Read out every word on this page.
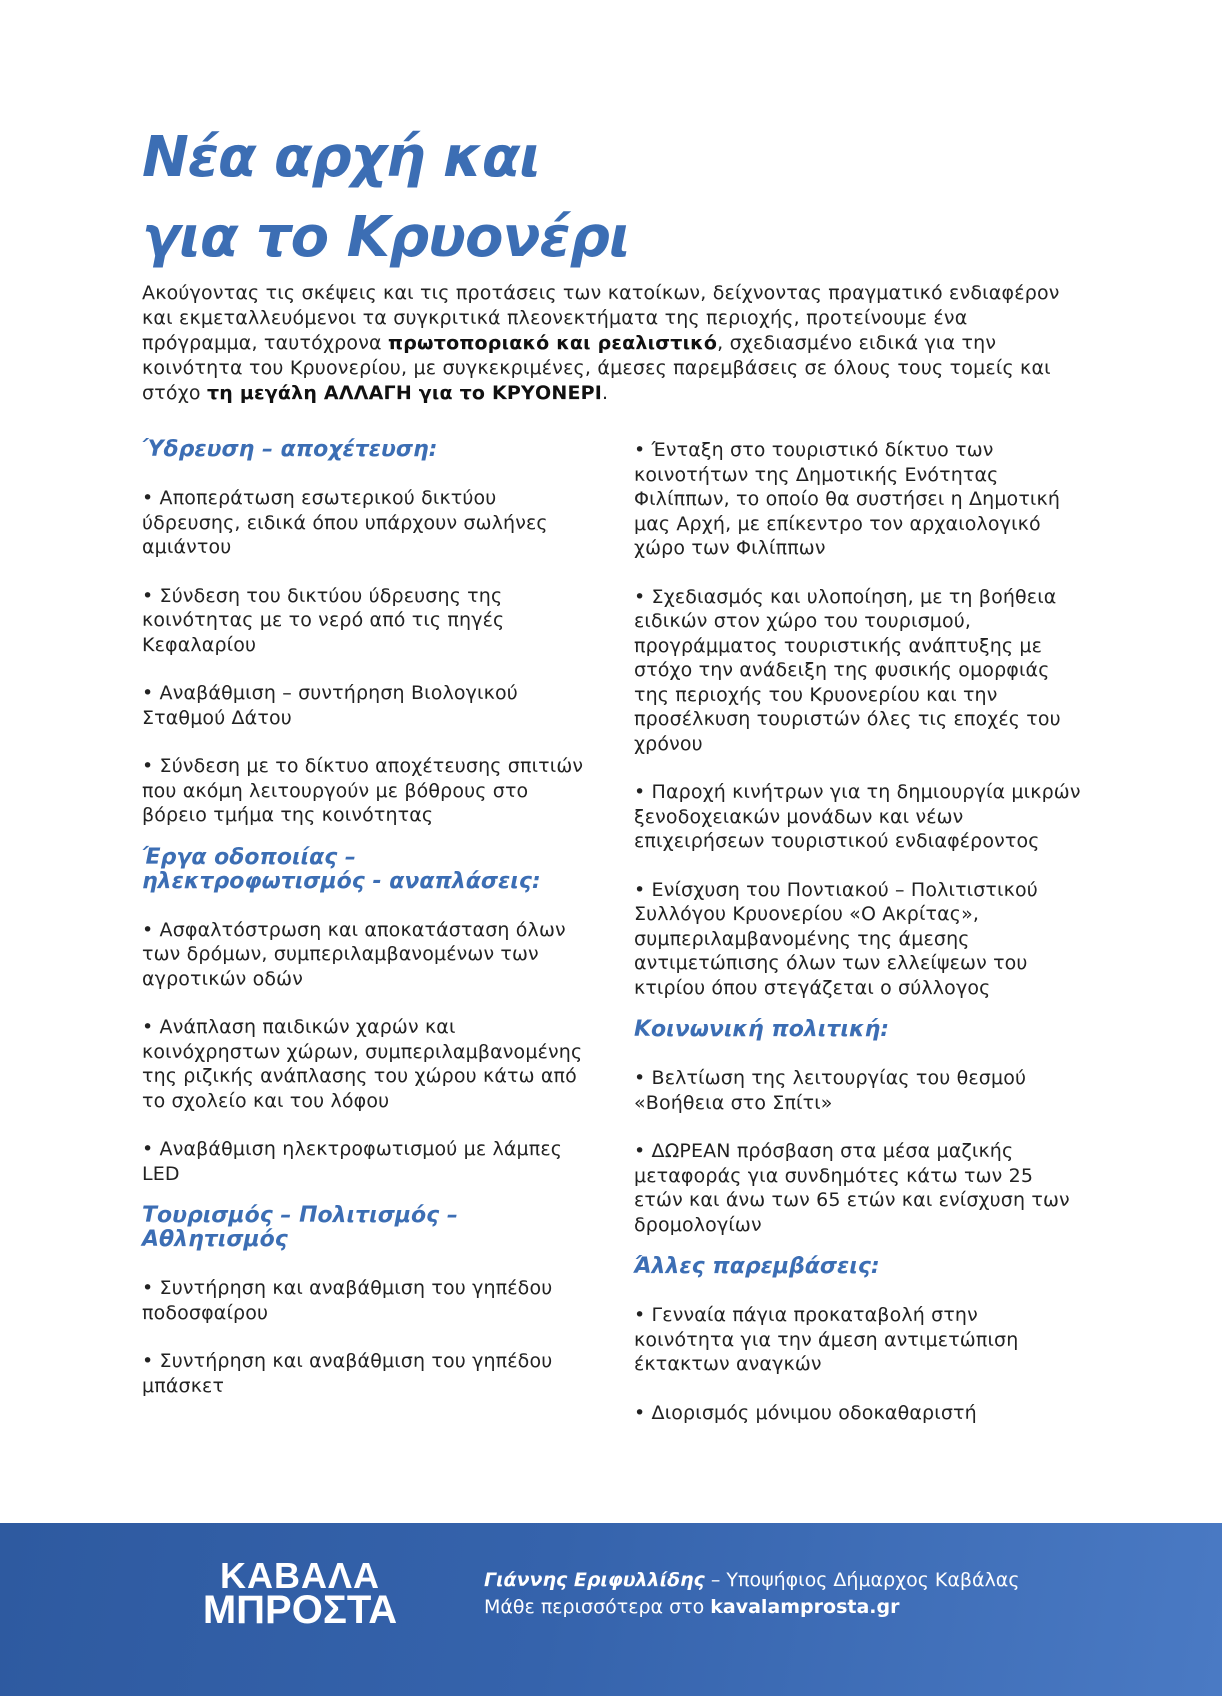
Νέα αρχή και
για το Κρυονέρι

Ακούγοντας τις σκέψεις και τις προτάσεις των κατοίκων, δείχνοντας πραγματικό ενδιαφέρον και εκμεταλλευόμενοι τα συγκριτικά πλεονεκτήματα της περιοχής, προτείνουμε ένα πρόγραμμα, ταυτόχρονα πρωτοποριακό και ρεαλιστικό, σχεδιασμένο ειδικά για την κοινότητα του Κρυονερίου, με συγκεκριμένες, άμεσες παρεμβάσεις σε όλους τους τομείς και στόχο τη μεγάλη ΑΛΛΑΓΗ για το ΚΡΥΟΝΕΡΙ.

Ύδρευση – αποχέτευση:

• Αποπεράτωση εσωτερικού δικτύου ύδρευσης, ειδικά όπου υπάρχουν σωλήνες αμιάντου

• Σύνδεση του δικτύου ύδρευσης της κοινότητας με το νερό από τις πηγές Κεφαλαρίου

• Αναβάθμιση – συντήρηση Βιολογικού Σταθμού Δάτου

• Σύνδεση με το δίκτυο αποχέτευσης σπιτιών που ακόμη λειτουργούν με βόθρους στο βόρειο τμήμα της κοινότητας

Έργα οδοποιίας –
ηλεκτροφωτισμός - αναπλάσεις:

• Ασφαλτόστρωση και αποκατάσταση όλων των δρόμων, συμπεριλαμβανομένων των αγροτικών οδών

• Ανάπλαση παιδικών χαρών και κοινόχρηστων χώρων, συμπεριλαμβανομένης της ριζικής ανάπλασης του χώρου κάτω από το σχολείο και του λόφου

• Αναβάθμιση ηλεκτροφωτισμού με λάμπες LED

Τουρισμός – Πολιτισμός –
Αθλητισμός

• Συντήρηση και αναβάθμιση του γηπέδου ποδοσφαίρου

• Συντήρηση και αναβάθμιση του γηπέδου μπάσκετ

• Ένταξη στο τουριστικό δίκτυο των κοινοτήτων της Δημοτικής Ενότητας Φιλίππων, το οποίο θα συστήσει η Δημοτική μας Αρχή, με επίκεντρο τον αρχαιολογικό χώρο των Φιλίππων

• Σχεδιασμός και υλοποίηση, με τη βοήθεια ειδικών στον χώρο του τουρισμού, προγράμματος τουριστικής ανάπτυξης με στόχο την ανάδειξη της φυσικής ομορφιάς της περιοχής του Κρυονερίου και την προσέλκυση τουριστών όλες τις εποχές του χρόνου

• Παροχή κινήτρων για τη δημιουργία μικρών ξενοδοχειακών μονάδων και νέων επιχειρήσεων τουριστικού ενδιαφέροντος

• Ενίσχυση του Ποντιακού – Πολιτιστικού Συλλόγου Κρυονερίου «Ο Ακρίτας», συμπεριλαμβανομένης της άμεσης αντιμετώπισης όλων των ελλείψεων του κτιρίου όπου στεγάζεται ο σύλλογος

Κοινωνική πολιτική:

• Βελτίωση της λειτουργίας του θεσμού «Βοήθεια στο Σπίτι»

• ΔΩΡΕΑΝ πρόσβαση στα μέσα μαζικής μεταφοράς για συνδημότες κάτω των 25 ετών και άνω των 65 ετών και ενίσχυση των δρομολογίων

Άλλες παρεμβάσεις:

• Γενναία πάγια προκαταβολή στην κοινότητα για την άμεση αντιμετώπιση έκτακτων αναγκών

• Διορισμός μόνιμου οδοκαθαριστή

ΚΑΒΑΛΑ
ΜΠΡΟΣΤΑ
Γιάννης Εριφυλλίδης – Υποψήφιος Δήμαρχος Καβάλας
Μάθε περισσότερα στο kavalamprosta.gr
